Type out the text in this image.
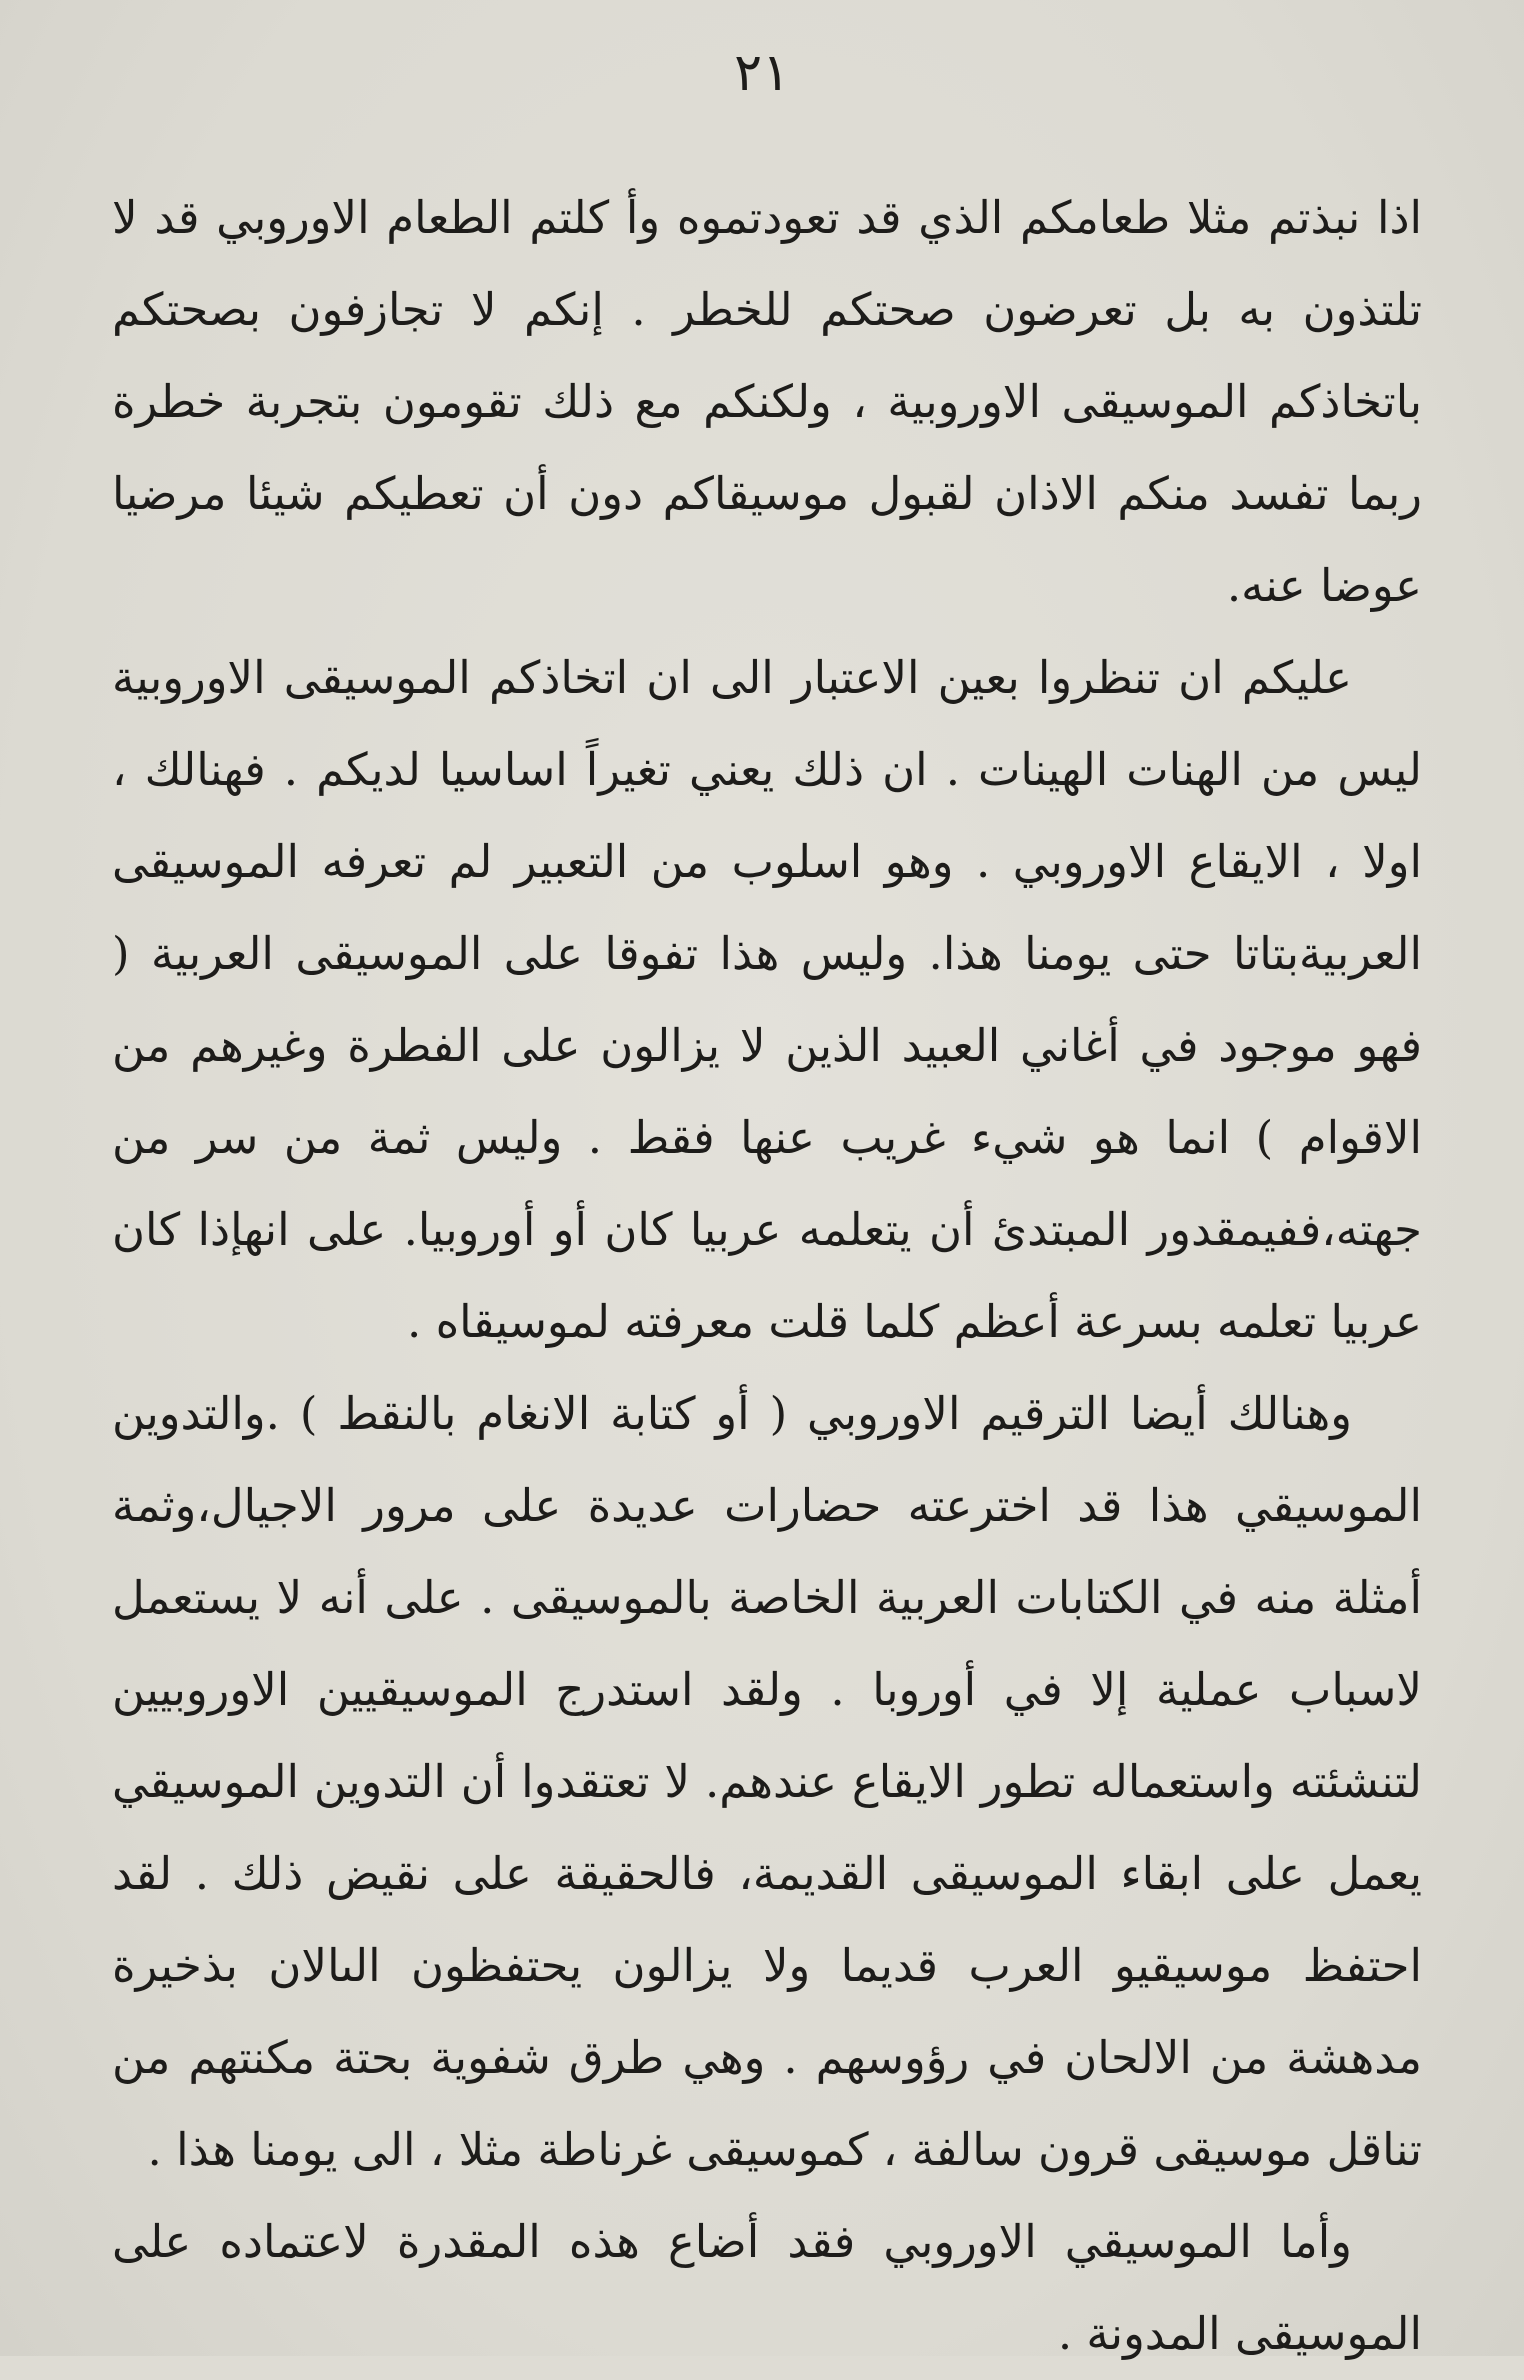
٢١

اذا نبذتم مثلا طعامكم الذي قد تعودتموه وأ كلتم الطعام الاوروبي قد لا تلتذون به بل تعرضون صحتكم للخطر . إنكم لا تجازفون بصحتكم باتخاذكم الموسيقى الاوروبية ، ولكنكم مع ذلك تقومون بتجربة خطرة ربما تفسد منكم الاذان لقبول موسيقاكم دون أن تعطيكم شيئا مرضيا عوضا عنه.

عليكم ان تنظروا بعين الاعتبار الى ان اتخاذكم الموسيقى الاوروبية ليس من الهنات الهينات . ان ذلك يعني تغيراً اساسيا لديكم . فهنالك ، اولا ، الايقاع الاوروبي . وهو اسلوب من التعبير لم تعرفه الموسيقى العربيةبتاتا حتى يومنا هذا. وليس هذا تفوقا على الموسيقى العربية ( فهو موجود في أغاني العبيد الذين لا يزالون على الفطرة وغيرهم من الاقوام ) انما هو شيء غريب عنها فقط . وليس ثمة من سر من جهته،ففيمقدور المبتدئ أن يتعلمه عربيا كان أو أوروبيا. على انهإذا كان عربيا تعلمه بسرعة أعظم كلما قلت معرفته لموسيقاه .

وهنالك أيضا الترقيم الاوروبي ( أو كتابة الانغام بالنقط ) .والتدوين الموسيقي هذا قد اخترعته حضارات عديدة على مرور الاجيال،وثمة أمثلة منه في الكتابات العربية الخاصة بالموسيقى . على أنه لا يستعمل لاسباب عملية إلا في أوروبا . ولقد استدرج الموسيقيين الاوروبيين لتنشئته واستعماله تطور الايقاع عندهم. لا تعتقدوا أن التدوين الموسيقي يعمل على ابقاء الموسيقى القديمة، فالحقيقة على نقيض ذلك . لقد احتفظ موسيقيو العرب قديما ولا يزالون يحتفظون الىالان بذخيرة مدهشة من الالحان في رؤوسهم . وهي طرق شفوية بحتة مكنتهم من تناقل موسيقى قرون سالفة ، كموسيقى غرناطة مثلا ، الى يومنا هذا .

وأما الموسيقي الاوروبي فقد أضاع هذه المقدرة لاعتماده على الموسيقى المدونة .
